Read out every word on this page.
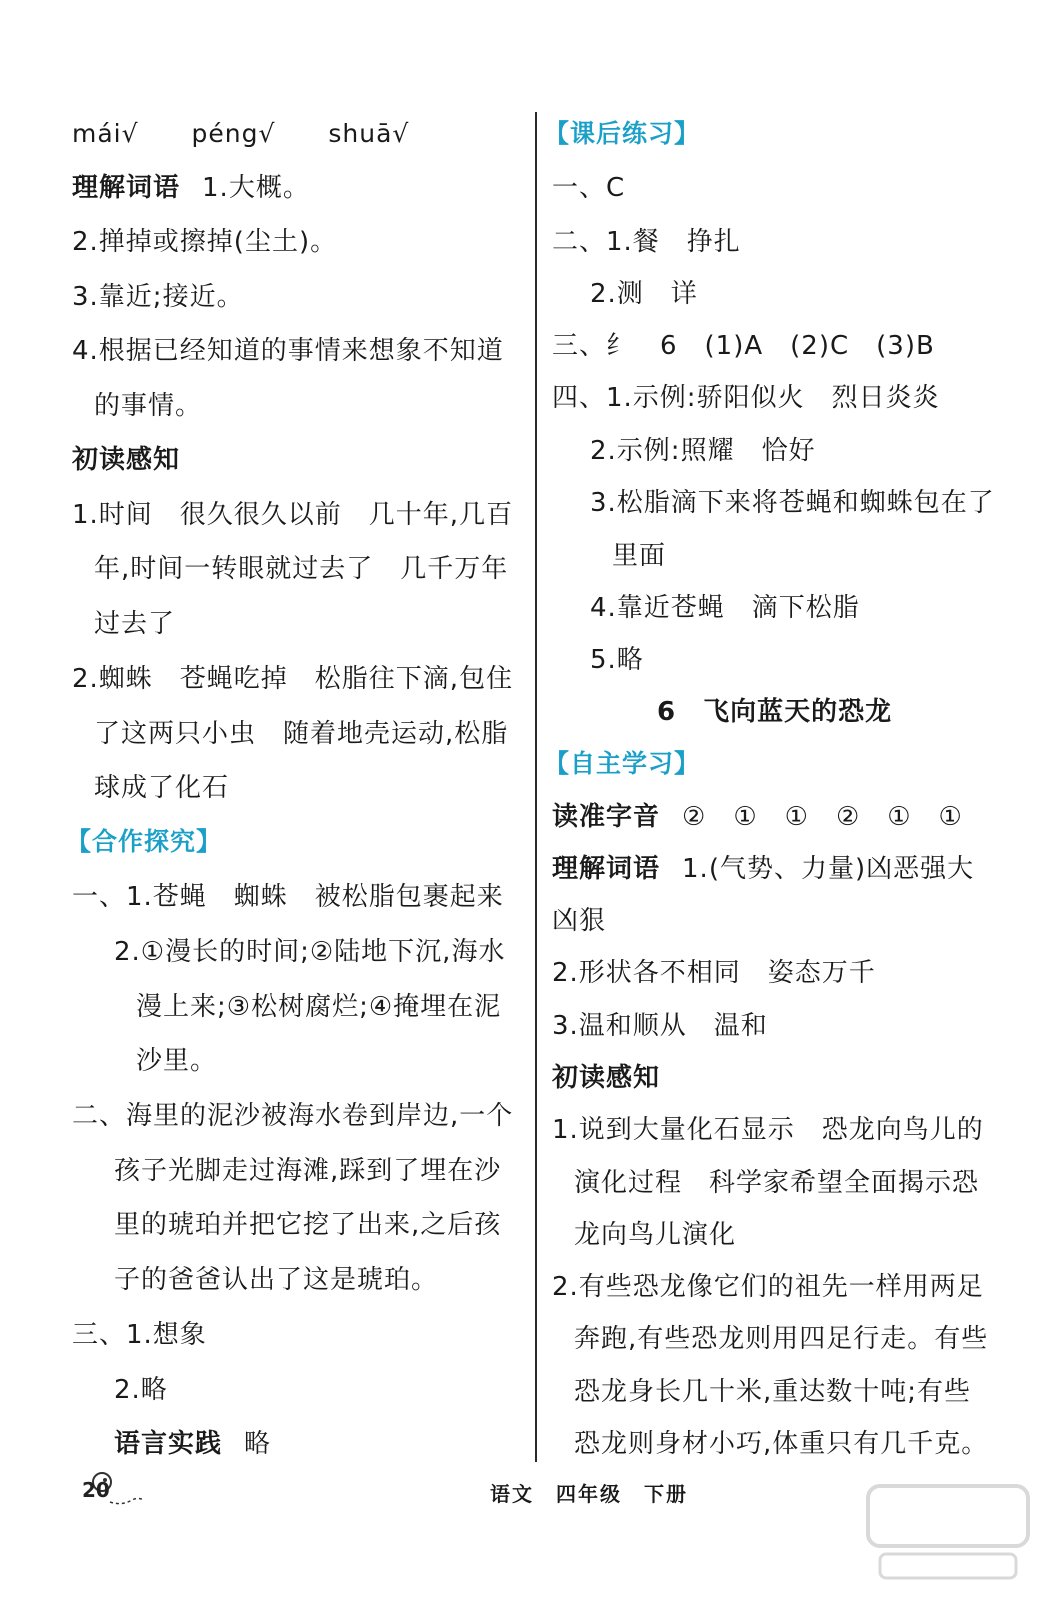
mái√ péng√ shuā√
理解词语 1.大概。
2.掸掉或擦掉(尘土)。
3.靠近;接近。
4.根据已经知道的事情来想象不知道
的事情。
初读感知
1.时间　很久很久以前　几十年,几百
年,时间一转眼就过去了　几千万年
过去了
2.蜘蛛　苍蝇吃掉　松脂往下滴,包住
了这两只小虫　随着地壳运动,松脂
球成了化石
【合作探究】
一、1.苍蝇　蜘蛛　被松脂包裹起来
2.①漫长的时间;②陆地下沉,海水
漫上来;③松树腐烂;④掩埋在泥
沙里。
二、海里的泥沙被海水卷到岸边,一个
孩子光脚走过海滩,踩到了埋在沙
里的琥珀并把它挖了出来,之后孩
子的爸爸认出了这是琥珀。
三、1.想象
2.略
语言实践 略
【课后练习】
一、C
二、1.餐　挣扎
2.测　详
三、纟　6　(1)A　(2)C　(3)B
四、1.示例:骄阳似火　烈日炎炎
2.示例:照耀　恰好
3.松脂滴下来将苍蝇和蜘蛛包在了
里面
4.靠近苍蝇　滴下松脂
5.略
6　飞向蓝天的恐龙
【自主学习】
读准字音 ②　①　①　②　①　①
理解词语 1.(气势、力量)凶恶强大
凶狠
2.形状各不相同　姿态万千
3.温和顺从　温和
初读感知
1.说到大量化石显示　恐龙向鸟儿的
演化过程　科学家希望全面揭示恐
龙向鸟儿演化
2.有些恐龙像它们的祖先一样用两足
奔跑,有些恐龙则用四足行走。有些
恐龙身长几十米,重达数十吨;有些
恐龙则身材小巧,体重只有几千克。
20	语文　四年级　下册
